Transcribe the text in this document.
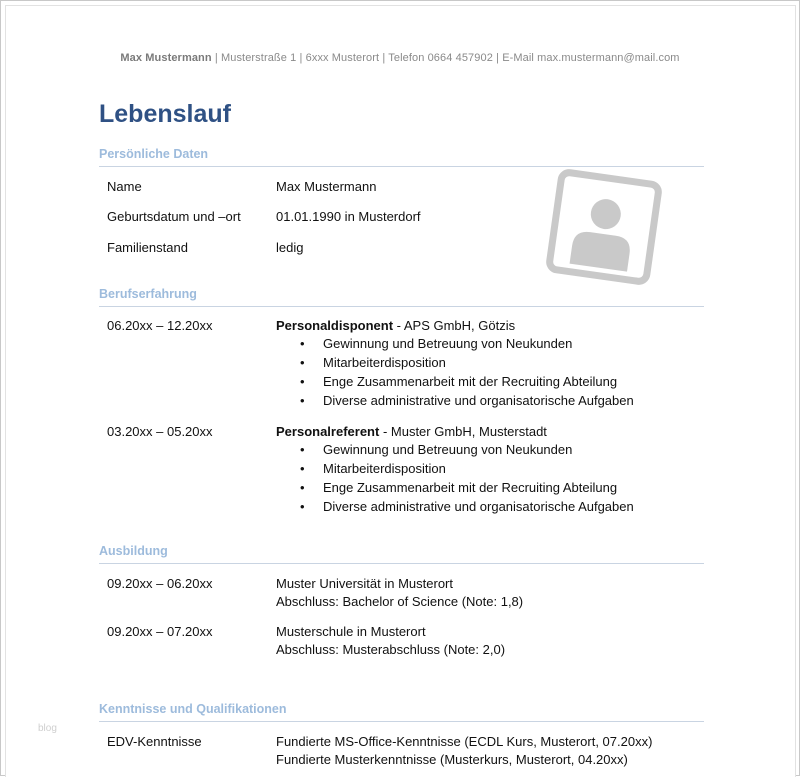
Max Mustermann | Musterstraße 1 | 6xxx Musterort | Telefon 0664 457902 | E-Mail max.mustermann@mail.com
Lebenslauf
Persönliche Daten
Name	Max Mustermann
Geburtsdatum und –ort	01.01.1990 in Musterdorf
Familienstand	ledig
Berufserfahrung
06.20xx – 12.20xx	Personaldisponent - APS GmbH, Götzis
• Gewinnung und Betreuung von Neukunden
• Mitarbeiterdisposition
• Enge Zusammenarbeit mit der Recruiting Abteilung
• Diverse administrative und organisatorische Aufgaben
03.20xx – 05.20xx	Personalreferent - Muster GmbH, Musterstadt
• Gewinnung und Betreuung von Neukunden
• Mitarbeiterdisposition
• Enge Zusammenarbeit mit der Recruiting Abteilung
• Diverse administrative und organisatorische Aufgaben
Ausbildung
09.20xx – 06.20xx	Muster Universität in Musterort
Abschluss: Bachelor of Science (Note: 1,8)
09.20xx – 07.20xx	Musterschule in Musterort
Abschluss: Musterabschluss (Note: 2,0)
Kenntnisse und Qualifikationen
EDV-Kenntnisse	Fundierte MS-Office-Kenntnisse (ECDL Kurs, Musterort, 07.20xx)
Fundierte Musterkenntnisse (Musterkurs, Musterort, 04.20xx)
blog
